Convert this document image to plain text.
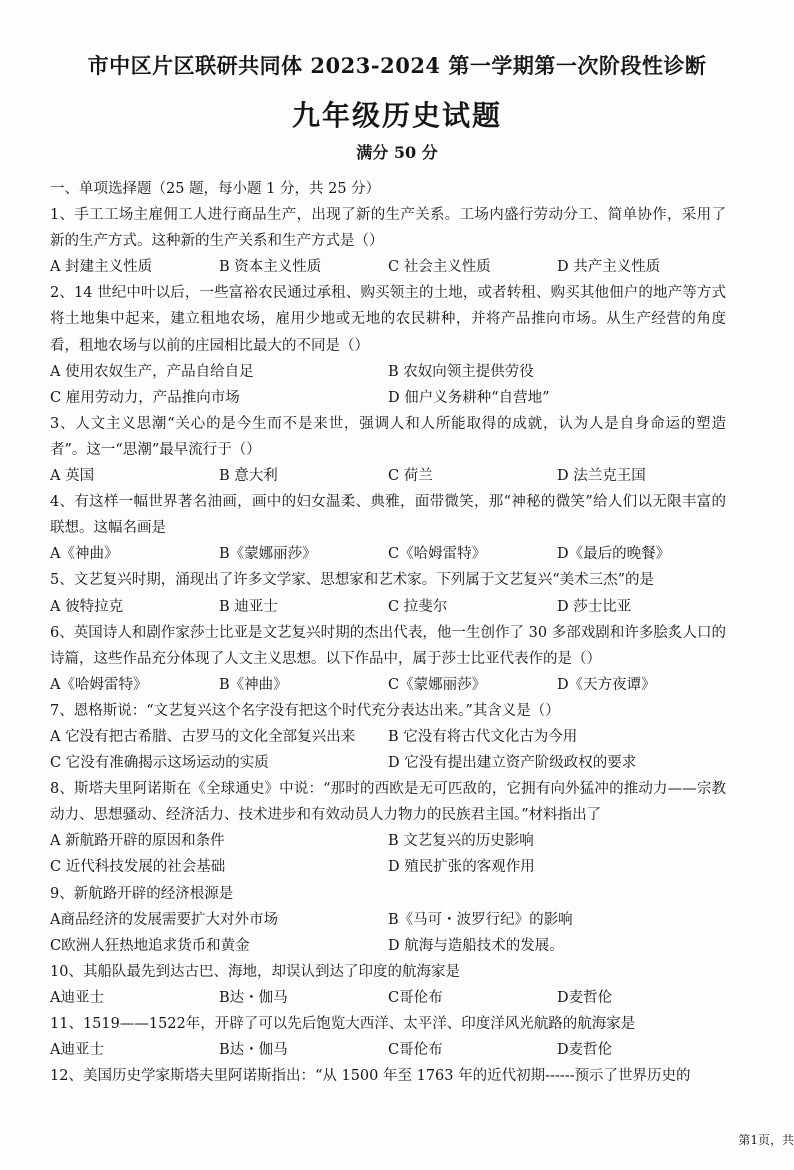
市中区片区联研共同体 2023-2024 第一学期第一次阶段性诊断
九年级历史试题
满分 50 分
一、单项选择题（25 题，每小题 1 分，共 25 分）
1、手工工场主雇佣工人进行商品生产，出现了新的生产关系。工场内盛行劳动分工、简单协作，采用了新的生产方式。这种新的生产关系和生产方式是（）
A 封建主义性质	B 资本主义性质	C 社会主义性质	D 共产主义性质
2、14 世纪中叶以后，一些富裕农民通过承租、购买领主的土地，或者转租、购买其他佃户的地产等方式将土地集中起来，建立租地农场，雇用少地或无地的农民耕种，并将产品推向市场。从生产经营的角度看，租地农场与以前的庄园相比最大的不同是（）
A 使用农奴生产，产品自给自足	B 农奴向领主提供劳役
C 雇用劳动力，产品推向市场	D 佃户义务耕种“自营地”
3、人文主义思潮“关心的是今生而不是来世，强调人和人所能取得的成就，认为人是自身命运的塑造者”。这一“思潮”最早流行于（）
A 英国	B 意大利	C 荷兰	D 法兰克王国
4、有这样一幅世界著名油画，画中的妇女温柔、典雅，面带微笑，那“神秘的微笑”给人们以无限丰富的联想。这幅名画是
A《神曲》	B《蒙娜丽莎》	C《哈姆雷特》	D《最后的晚餐》
5、文艺复兴时期，涌现出了许多文学家、思想家和艺术家。下列属于文艺复兴“美术三杰”的是
A 彼特拉克	B 迪亚士	C 拉斐尔	D 莎士比亚
6、英国诗人和剧作家莎士比亚是文艺复兴时期的杰出代表，他一生创作了 30 多部戏剧和许多脍炙人口的诗篇，这些作品充分体现了人文主义思想。以下作品中，属于莎士比亚代表作的是（）
A《哈姆雷特》	B《神曲》	C《蒙娜丽莎》	D《天方夜谭》
7、恩格斯说：“文艺复兴这个名字没有把这个时代充分表达出来。”其含义是（）
A 它没有把古希腊、古罗马的文化全部复兴出来	B 它没有将古代文化古为今用
C 它没有准确揭示这场运动的实质	D 它没有提出建立资产阶级政权的要求
8、斯塔夫里阿诺斯在《全球通史》中说：“那时的西欧是无可匹敌的，它拥有向外猛冲的推动力——宗教动力、思想骚动、经济活力、技术进步和有效动员人力物力的民族君主国。”材料指出了
A 新航路开辟的原因和条件	B 文艺复兴的历史影响
C 近代科技发展的社会基础	D 殖民扩张的客观作用
9、新航路开辟的经济根源是
A商品经济的发展需要扩大对外市场	B《马可・波罗行纪》的影响
C欧洲人狂热地追求货币和黄金	D 航海与造船技术的发展。
10、其船队最先到达古巴、海地，却误认到达了印度的航海家是
A迪亚士	B达・伽马	C哥伦布	D麦哲伦
11、1519——1522年，开辟了可以先后饱览大西洋、太平洋、印度洋风光航路的航海家是
A迪亚士	B达・伽马	C哥伦布	D麦哲伦
12、美国历史学家斯塔夫里阿诺斯指出：“从 1500 年至 1763 年的近代初期------预示了世界历史的
第1页，共
